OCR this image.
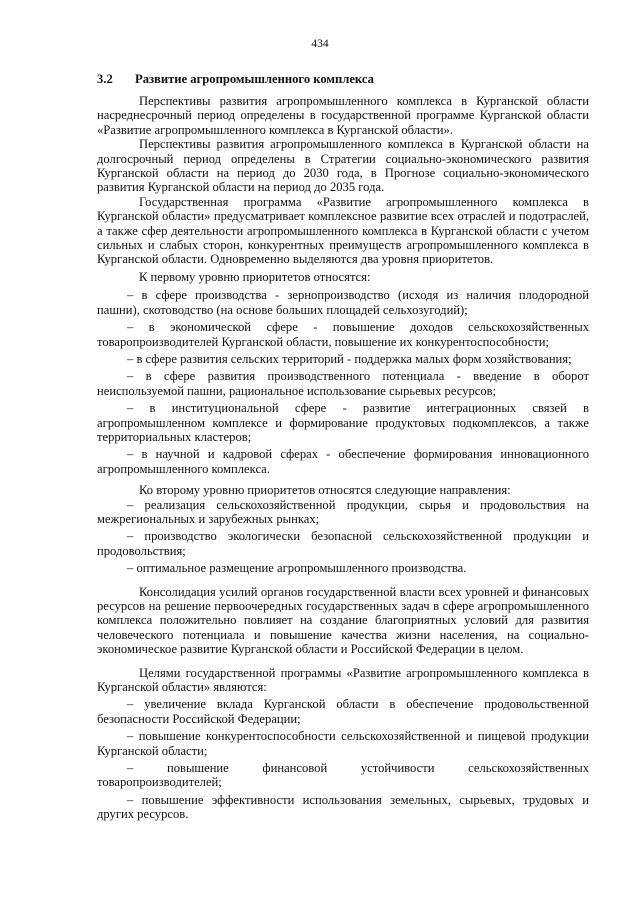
434
3.2 Развитие агропромышленного комплекса

Перспективы развития агропромышленного комплекса в Курганской области насреднесрочный период определены в государственной программе Курганской области «Развитие агропромышленного комплекса в Курганской области».

Перспективы развития агропромышленного комплекса в Курганской области на долгосрочный период определены в Стратегии социально-экономического развития Курганской области на период до 2030 года, в Прогнозе социально-экономического развития Курганской области на период до 2035 года.

Государственная программа «Развитие агропромышленного комплекса в Курганской области» предусматривает комплексное развитие всех отраслей и подотраслей, а также сфер деятельности агропромышленного комплекса в Курганской области с учетом сильных и слабых сторон, конкурентных преимуществ агропромышленного комплекса в Курганской области. Одновременно выделяются два уровня приоритетов.

К первому уровню приоритетов относятся:

– в сфере производства - зернопроизводство (исходя из наличия плодородной пашни), скотоводство (на основе больших площадей сельхозугодий);

– в экономической сфере - повышение доходов сельскохозяйственных товаропроизводителей Курганской области, повышение их конкурентоспособности;

– в сфере развития сельских территорий - поддержка малых форм хозяйствования;

– в сфере развития производственного потенциала - введение в оборот неиспользуемой пашни, рациональное использование сырьевых ресурсов;

– в институциональной сфере - развитие интеграционных связей в агропромышленном комплексе и формирование продуктовых подкомплексов, а также территориальных кластеров;

– в научной и кадровой сферах - обеспечение формирования инновационного агропромышленного комплекса.

Ко второму уровню приоритетов относятся следующие направления:

– реализация сельскохозяйственной продукции, сырья и продовольствия на межрегиональных и зарубежных рынках;

– производство экологически безопасной сельскохозяйственной продукции и продовольствия;

– оптимальное размещение агропромышленного производства.

Консолидация усилий органов государственной власти всех уровней и финансовых ресурсов на решение первоочередных государственных задач в сфере агропромышленного комплекса положительно повлияет на создание благоприятных условий для развития человеческого потенциала и повышение качества жизни населения, на социально-экономическое развитие Курганской области и Российской Федерации в целом.

Целями государственной программы «Развитие агропромышленного комплекса в Курганской области» являются:

– увеличение вклада Курганской области в обеспечение продовольственной безопасности Российской Федерации;

– повышение конкурентоспособности сельскохозяйственной и пищевой продукции Курганской области;

– повышение финансовой устойчивости сельскохозяйственных товаропроизводителей;

– повышение эффективности использования земельных, сырьевых, трудовых и других ресурсов.
